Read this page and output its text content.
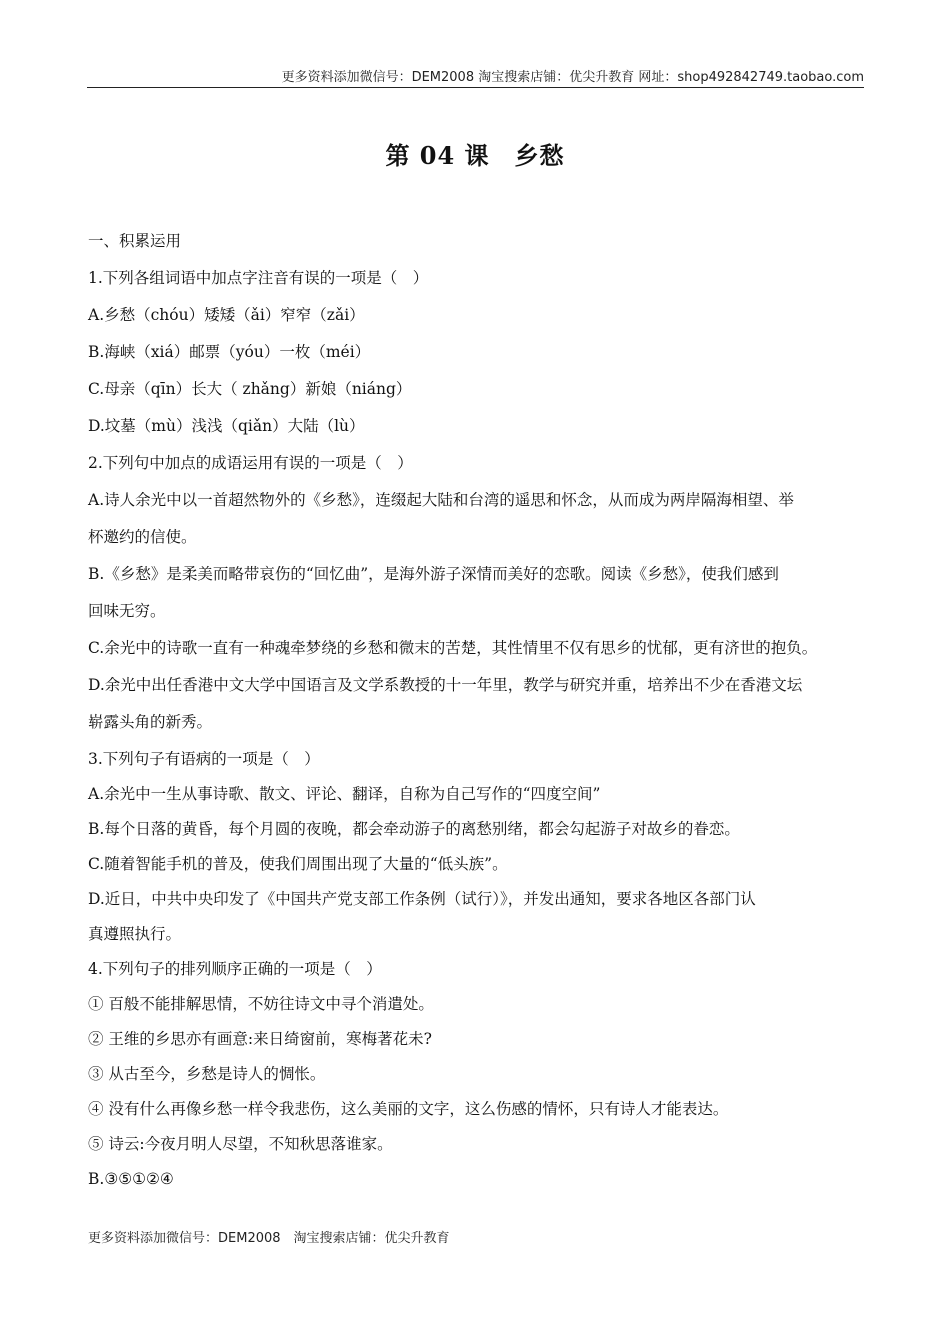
更多资料添加微信号：DEM2008 淘宝搜索店铺：优尖升教育 网址：shop492842749.taobao.com
第 04 课　乡愁
一、积累运用
1.下列各组词语中加点字注音有误的一项是（　）
A.乡愁（chóu）矮矮（ǎi）窄窄（zǎi）
B.海峡（xiá）邮票（yóu）一枚（méi）
C.母亲（qīn）长大（ zhǎng）新娘（niáng）
D.坟墓（mù）浅浅（qiǎn）大陆（lù）
2.下列句中加点的成语运用有误的一项是（　）
A.诗人余光中以一首超然物外的《乡愁》，连缀起大陆和台湾的遥思和怀念，从而成为两岸隔海相望、举
杯邀约的信使。
B.《乡愁》是柔美而略带哀伤的“回忆曲”，是海外游子深情而美好的恋歌。阅读《乡愁》，使我们感到
回味无穷。
C.余光中的诗歌一直有一种魂牵梦绕的乡愁和微末的苦楚，其性情里不仅有思乡的忧郁，更有济世的抱负。
D.余光中出任香港中文大学中国语言及文学系教授的十一年里，教学与研究并重，培养出不少在香港文坛
崭露头角的新秀。
3.下列句子有语病的一项是（　）
A.余光中一生从事诗歌、散文、评论、翻译，自称为自己写作的“四度空间”
B.每个日落的黄昏，每个月圆的夜晚，都会牵动游子的离愁别绪，都会勾起游子对故乡的眷恋。
C.随着智能手机的普及，使我们周围出现了大量的“低头族”。
D.近日，中共中央印发了《中国共产党支部工作条例（试行）》，并发出通知，要求各地区各部门认
真遵照执行。
4.下列句子的排列顺序正确的一项是（　）
① 百般不能排解思情，不妨往诗文中寻个消遣处。
② 王维的乡思亦有画意:来日绮窗前，寒梅著花未?
③ 从古至今，乡愁是诗人的惆怅。
④ 没有什么再像乡愁一样令我悲伤，这么美丽的文字，这么伤感的情怀，只有诗人才能表达。
⑤ 诗云:今夜月明人尽望，不知秋思落谁家。
B.③⑤①②④
更多资料添加微信号：DEM2008　淘宝搜索店铺：优尖升教育
